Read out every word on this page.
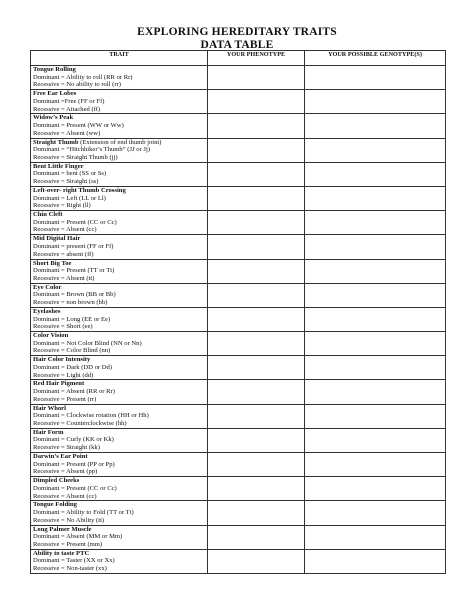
EXPLORING HEREDITARY TRAITS
DATA TABLE
TRAIT	YOUR PHENOTYPE	YOUR POSSIBLE GENOTYPE(S)

Tongue Rolling
Dominant = Ability to roll (RR or Rr)
Recessive = No ability to roll (rr)		

Free Ear Lobes
Dominant =Free (FF or Ff)
Recessive = Attached (ff)		

Widow’s Peak
Dominant = Present (WW or Ww)
Recessive = Absent (ww)		

Straight Thumb (Extension of end thumb joint)
Dominant = “Hitchhiker’s Thumb” (JJ or Jj)
Recessive = Straight Thumb (jj)		

Bent Little Finger
Dominant = bent (SS or Ss)
Recessive = Straight (ss)		

Left-over- right Thumb Crossing
Dominant = Left (LL or Ll)
Recessive = Right (ll)		

Chin Cleft
Dominant = Present (CC or Cc)
Recessive = Absent (cc)		

Mid Digital Hair
Dominant = present (FF or Ff)
Recessive = absent (ff)		

Short Big Toe
Dominant = Present (TT or Tt)
Recessive = Absent (tt)		

Eye Color
Dominant = Brown (BB or Bb)
Recessive = non brown (bb)		

Eyelashes
Dominant = Long (EE or Ee)
Recessive = Short (ee)		

Color Vision
Dominant = Not Color Blind (NN or Nn)
Recessive = Color Blind (nn)		

Hair Color Intensity
Dominant = Dark (DD or Dd)
Recessive = Light (dd)		

Red Hair Pigment
Dominant = Absent (RR or Rr)
Recessive = Present (rr)		

Hair Whorl
Dominant = Clockwise rotation (HH or Hh)
Recessive = Counterclockwise (hh)		

Hair Form
Dominant = Curly (KK or Kk)
Recessive = Straight (kk)		

Darwin’s Ear Point
Dominant = Present (PP or Pp)
Recessive = Absent (pp)		

Dimpled Cheeks
Dominant = Present (CC or Cc)
Recessive = Absent (cc)		

Tongue Folding
Dominant = Ability to Fold (TT or Tt)
Recessive = No Ability (tt)		

Long Palmer Muscle
Dominant = Absent (MM or Mm)
Recessive = Present (mm)		

Ability to taste PTC
Dominant = Taster (XX or Xx)
Recessive = Non-taster (xx)		
